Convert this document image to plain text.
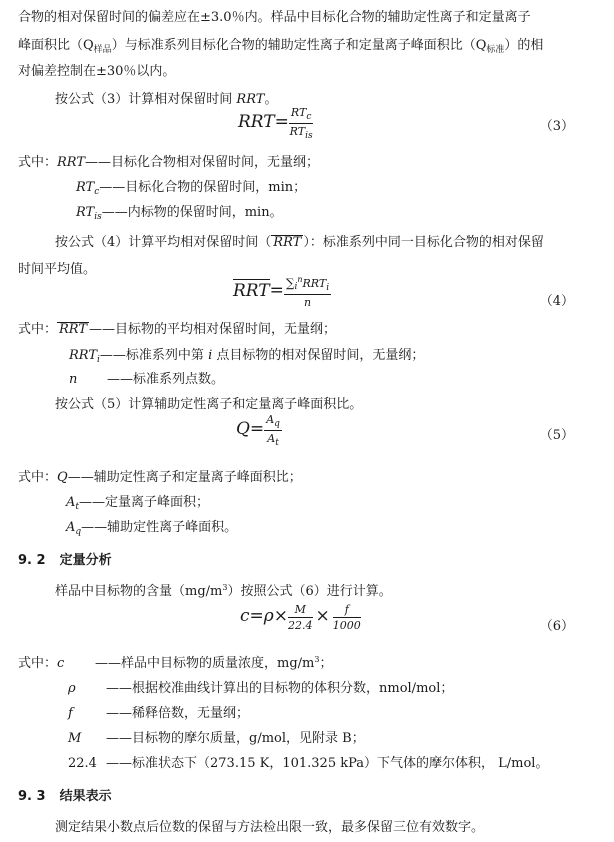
合物的相对保留时间的偏差应在±3.0％内。样品中目标化合物的辅助定性离子和定量离子
峰面积比$(Q_{样品})$与标准系列目标化合物的辅助定性离子和定量离子峰面积比$(Q_{标准})$的相
对偏差控制在±30％以内。
按公式（3）计算相对保留时间 RRT。
$RRT= \frac{RT_c}{RT_{is}}$	（3）
式中：RRT——目标化合物相对保留时间，无量纲；
$RT_c——$目标化合物的保留时间，min；
$RT_{is}——$内标物的保留时间，min。
按公式（4）计算平均相对保留时间（ RRT ）：标准系列中同一目标化合物的相对保留
时间平均值。
$RRT= \frac{\sum_i^nRRT_i}{n}$	（4）
式中： RRT ——目标物的平均相对保留时间，无量纲；
$RRT_i——$标准系列中第 i 点目标物的相对保留时间，无量纲；
n ——标准系列点数。
按公式（5）计算辅助定性离子和定量离子峰面积比。
$Q= \frac{A_q}{A_t}$	（5）
式中：Q——辅助定性离子和定量离子峰面积比；
$A_t——$定量离子峰面积；
$A_q——$辅助定性离子峰面积。
9. 2 定量分析
样品中目标物的含量$(mg/m^3)$按照公式（6）进行计算。
$c=\rho\times \frac{M}{22.4} \times \frac{f}{1000}$	（6）
式中：c ——样品中目标物的质量浓度，$mg/m^3$；
ρ ——根据校准曲线计算出的目标物的体积分数，nmol/mol；
f	——稀释倍数，无量纲；
M ——目标物的摩尔质量，g/mol，见附录 B；
22.4 ——标准状态下（273.15 K，101.325 kPa）下气体的摩尔体积， L/mol。
9. 3 结果表示
测定结果小数点后位数的保留与方法检出限一致，最多保留三位有效数字。
